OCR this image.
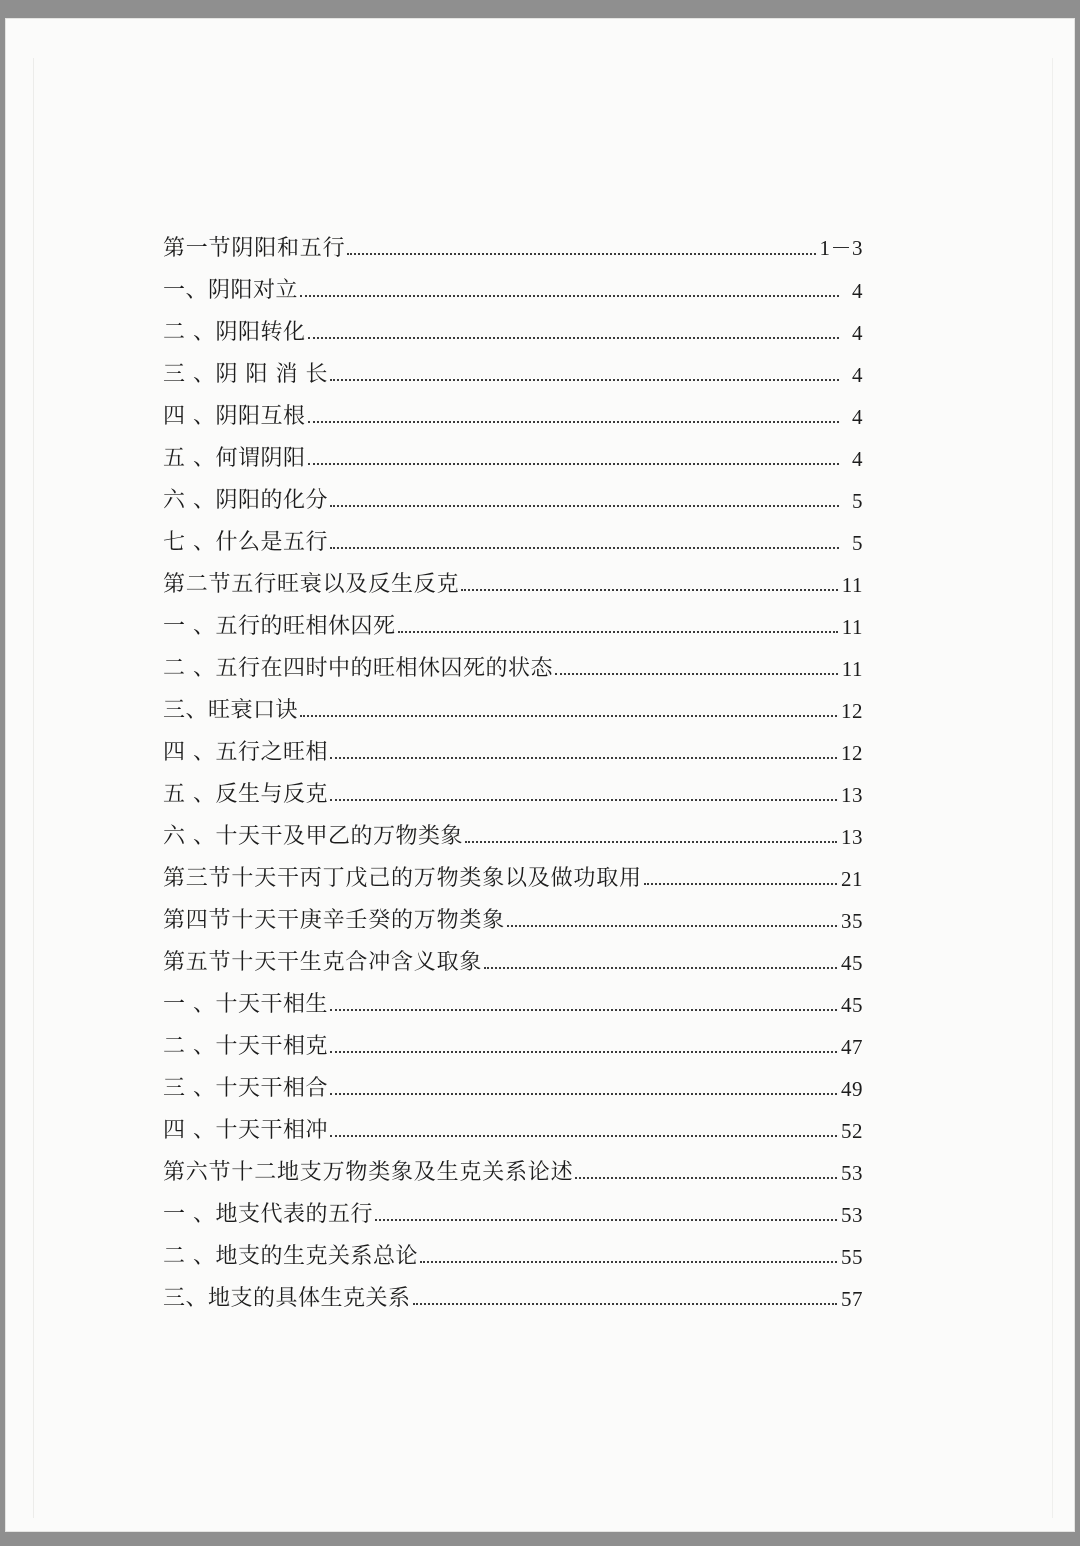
第一节阴阳和五行	1－3
一、阴阳对立	4
二 、阴阳转化	4
三 、阴 阳 消 长	4
四 、阴阳互根	4
五 、何谓阴阳	4
六 、阴阳的化分	5
七 、什么是五行	5
第二节五行旺衰以及反生反克	11
一 、五行的旺相休囚死	11
二 、五行在四时中的旺相休囚死的状态	11
三、旺衰口诀	12
四 、五行之旺相	12
五 、反生与反克	13
六 、十天干及甲乙的万物类象	13
第三节十天干丙丁戊己的万物类象以及做功取用	21
第四节十天干庚辛壬癸的万物类象	35
第五节十天干生克合冲含义取象	45
一 、十天干相生	45
二 、十天干相克	47
三 、十天干相合	49
四 、十天干相冲	52
第六节十二地支万物类象及生克关系论述	53
一 、地支代表的五行	53
二 、地支的生克关系总论	55
三、地支的具体生克关系	57
